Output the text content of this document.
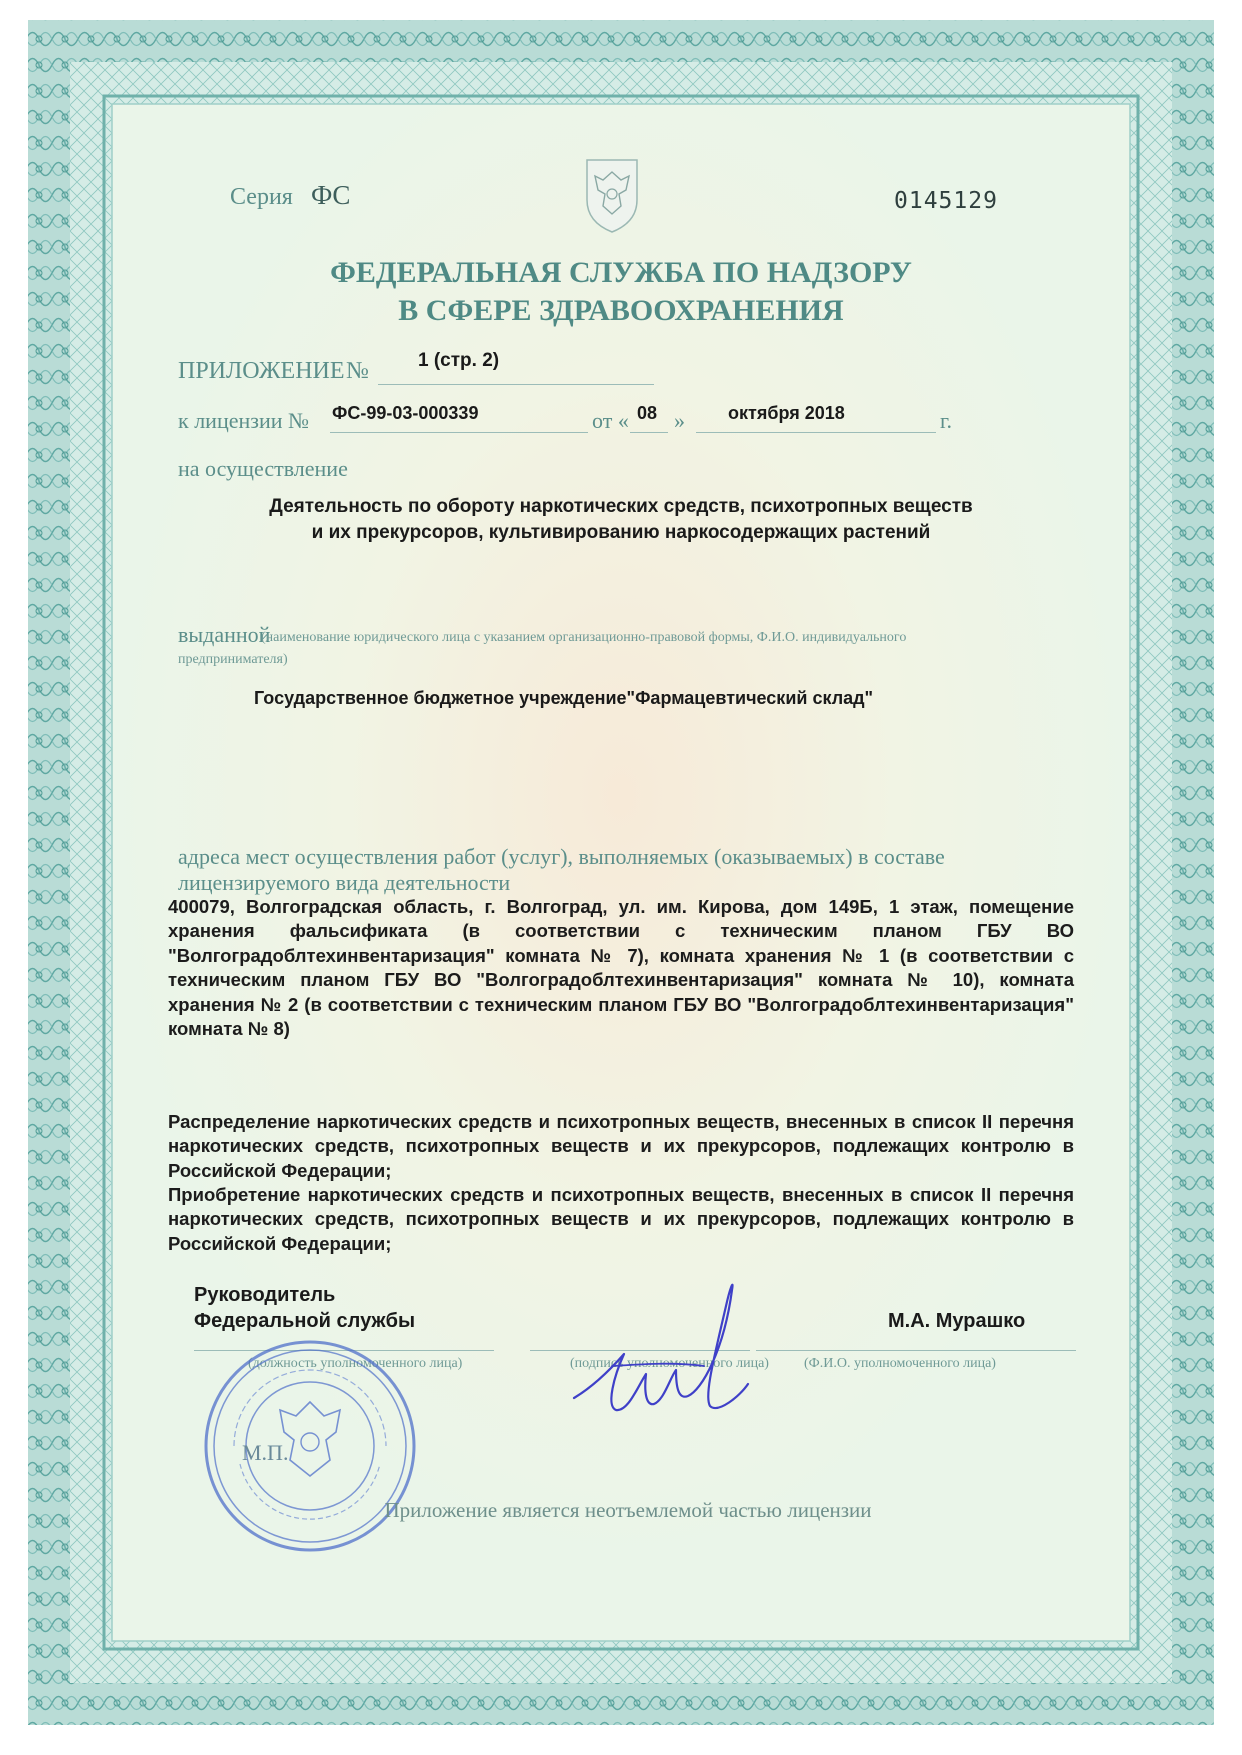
Серия ФС	0145129
ФЕДЕРАЛЬНАЯ СЛУЖБА ПО НАДЗОРУ
В СФЕРЕ ЗДРАВООХРАНЕНИЯ
ПРИЛОЖЕНИЕ №	1 (стр. 2)
к лицензии № ФС-99-03-000339	от « 08 » октября 2018	г.
на осуществление
Деятельность по обороту наркотических средств, психотропных веществ
и их прекурсоров, культивированию наркосодержащих растений
выданной
(наименование юридического лица с указанием организационно-правовой формы, Ф.И.О. индивидуального
предпринимателя)
Государственное бюджетное учреждение"Фармацевтический склад"
адреса мест осуществления работ (услуг), выполняемых (оказываемых) в составе
лицензируемого вида деятельности
400079, Волгоградская область, г. Волгоград, ул. им. Кирова, дом 149Б, 1 этаж, помещение хранения фальсификата (в соответствии с техническим планом ГБУ ВО "Волгоградоблтехинвентаризация" комната № 7), комната хранения № 1 (в соответствии с техническим планом ГБУ ВО "Волгоградоблтехинвентаризация" комната № 10), комната хранения № 2 (в соответствии с техническим планом ГБУ ВО "Волгоградоблтехинвентаризация" комната № 8)
Распределение наркотических средств и психотропных веществ, внесенных в список II перечня наркотических средств, психотропных веществ и их прекурсоров, подлежащих контролю в Российской Федерации;
Приобретение наркотических средств и психотропных веществ, внесенных в список II перечня наркотических средств, психотропных веществ и их прекурсоров, подлежащих контролю в Российской Федерации;
Руководитель
Федеральной службы	М.А. Мурашко
(должность уполномоченного лица)	(подпись уполномоченного лица)	(Ф.И.О. уполномоченного лица)
М.П.
Приложение является неотъемлемой частью лицензии
